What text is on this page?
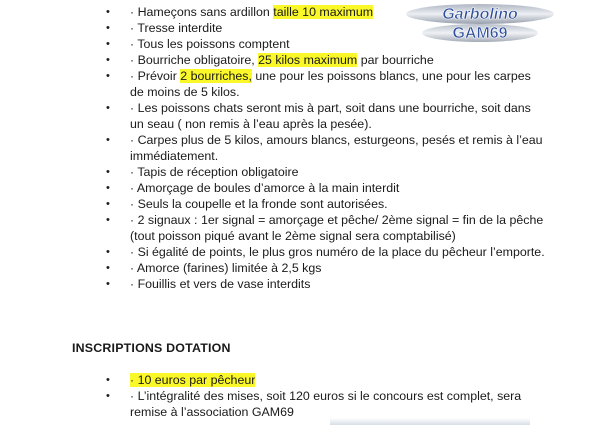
Garbolino
GAM69
• · Hameçons sans ardillon taille 10 maximum
• · Tresse interdite
• · Tous les poissons comptent
• · Bourriche obligatoire, 25 kilos maximum par bourriche
• · Prévoir 2 bourriches, une pour les poissons blancs, une pour les carpes de moins de 5 kilos.
• · Les poissons chats seront mis à part, soit dans une bourriche, soit dans un seau ( non remis à l’eau après la pesée).
• · Carpes plus de 5 kilos, amours blancs, esturgeons, pesés et remis à l’eau immédiatement.
• · Tapis de réception obligatoire
• · Amorçage de boules d’amorce à la main interdit
• · Seuls la coupelle et la fronde sont autorisées.
• · 2 signaux : 1er signal = amorçage et pêche/ 2ème signal = fin de la pêche (tout poisson piqué avant le 2ème signal sera comptabilisé)
• · Si égalité de points, le plus gros numéro de la place du pêcheur l’emporte.
• · Amorce (farines) limitée à 2,5 kgs
• · Fouillis et vers de vase interdits
INSCRIPTIONS DOTATION
• · 10 euros par pêcheur
• · L’intégralité des mises, soit 120 euros si le concours est complet, sera remise à l’association GAM69
